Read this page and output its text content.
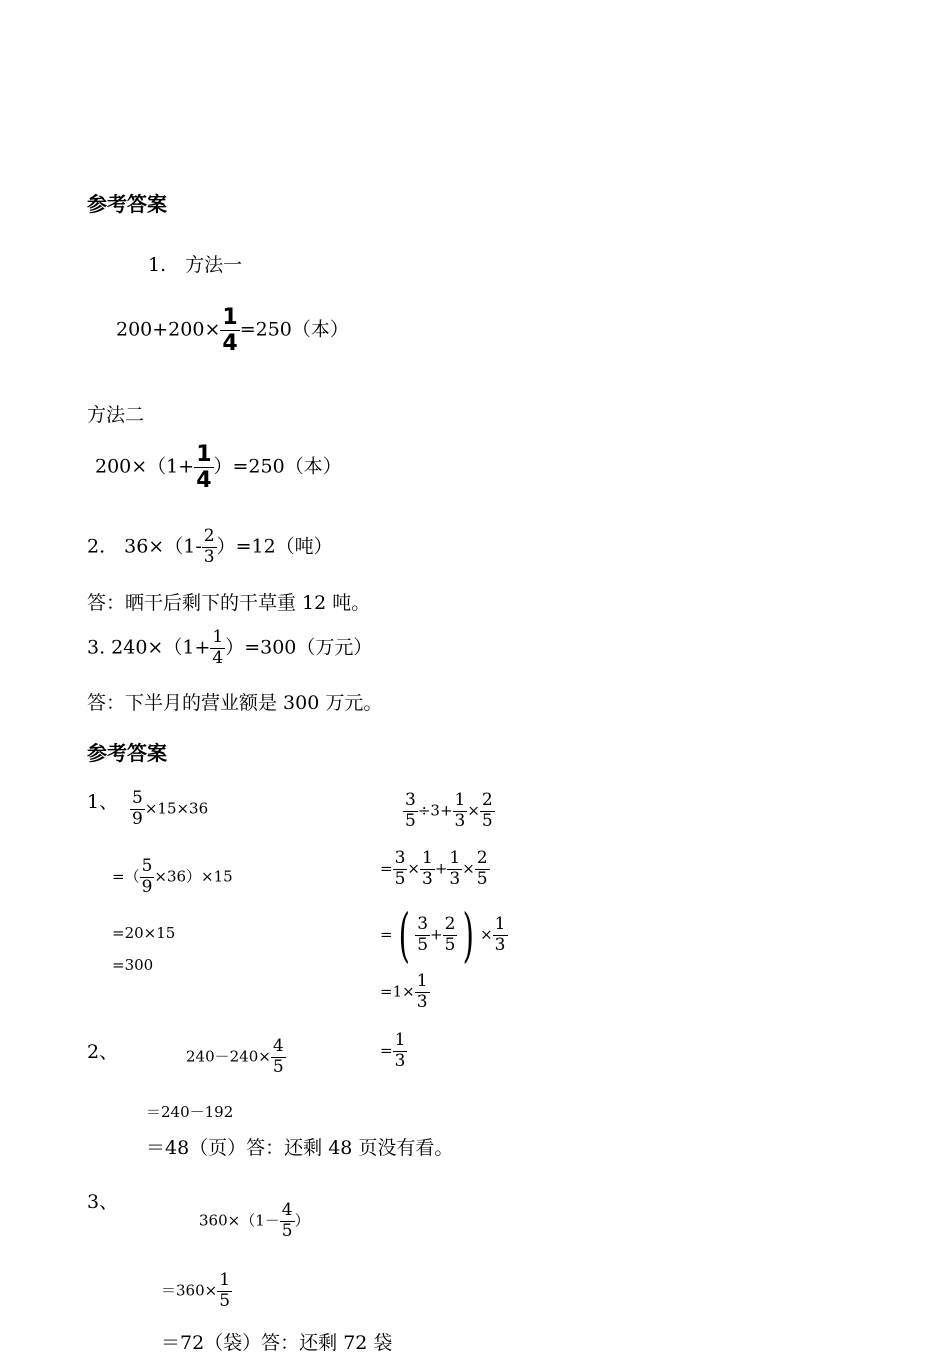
参考答案
1.　方法一
$200+200\times \frac{1}{4} =250$（本）
方法二
$200\times(1+ \frac{1}{4} )=250$（本）
2.　$36\times(1- \frac{2}{3} )=12$（吨）
答：晒干后剩下的干草重 12 吨。
3. $240\times(1+ \frac{1}{4} )=300$（万元）
答：下半月的营业额是 300 万元。
参考答案
1、 $\frac{5}{9} \times 15\times 36$
=（ $\frac{5}{9} \times 36)\times 15$
=20×15
=300
$\frac{3}{5} \div 3+ \frac{1}{3} \times \frac{2}{5}$
= $\frac{3}{5} \times \frac{1}{3} + \frac{1}{3} \times \frac{2}{5}$
=( $\frac{3}{5} + \frac{2}{5}$ ) × $\frac{1}{3}$
$=1\times \frac{1}{3}$
= $\frac{1}{3}$
2、	$240-240\times \frac{4}{5}$
＝240－192
＝48（页）答：还剩 48 页没有看。
3、
$360\times(1- \frac{4}{5}$ ）
$=360\times \frac{1}{5}$
＝72（袋）答：还剩 72 袋
